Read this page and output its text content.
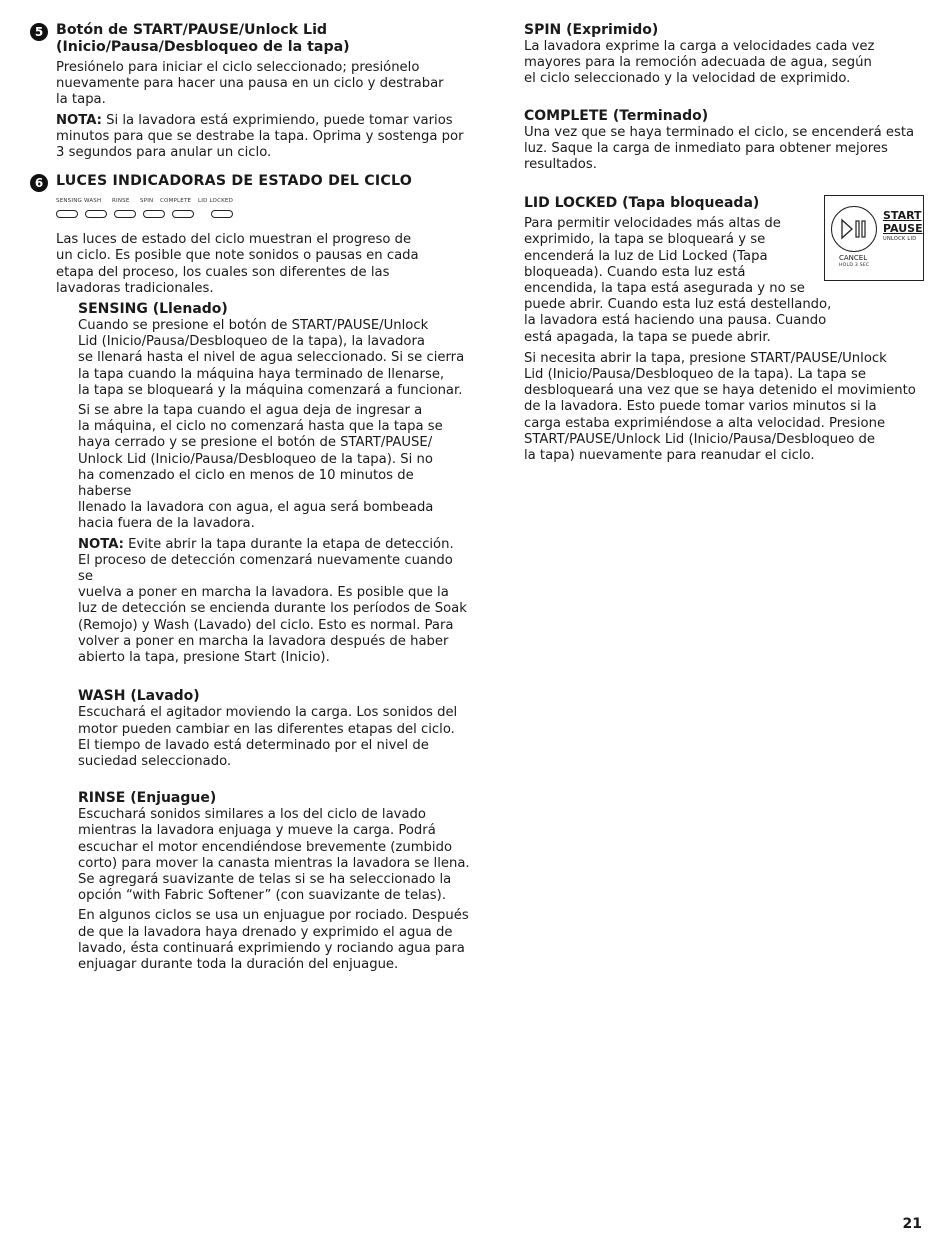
5 Botón de START/PAUSE/Unlock Lid
(Inicio/Pausa/Desbloqueo de la tapa)

Presiónelo para iniciar el ciclo seleccionado; presiónelo
nuevamente para hacer una pausa en un ciclo y destrabar
la tapa.

NOTA: Si la lavadora está exprimiendo, puede tomar varios
minutos para que se destrabe la tapa. Oprima y sostenga por
3 segundos para anular un ciclo.

6 LUCES INDICADORAS DE ESTADO DEL CICLO
SENSING WASH	RINSE	SPIN COMPLETE LID LOCKED

Las luces de estado del ciclo muestran el progreso de
un ciclo. Es posible que note sonidos o pausas en cada
etapa del proceso, los cuales son diferentes de las
lavadoras tradicionales.

SENSING (Llenado)

Cuando se presione el botón de START/PAUSE/Unlock
Lid (Inicio/Pausa/Desbloqueo de la tapa), la lavadora
se llenará hasta el nivel de agua seleccionado. Si se cierra
la tapa cuando la máquina haya terminado de llenarse,
la tapa se bloqueará y la máquina comenzará a funcionar.

Si se abre la tapa cuando el agua deja de ingresar a
la máquina, el ciclo no comenzará hasta que la tapa se
haya cerrado y se presione el botón de START/PAUSE/
Unlock Lid (Inicio/Pausa/Desbloqueo de la tapa). Si no
ha comenzado el ciclo en menos de 10 minutos de haberse
llenado la lavadora con agua, el agua será bombeada
hacia fuera de la lavadora.

NOTA: Evite abrir la tapa durante la etapa de detección.
El proceso de detección comenzará nuevamente cuando se
vuelva a poner en marcha la lavadora. Es posible que la
luz de detección se encienda durante los períodos de Soak
(Remojo) y Wash (Lavado) del ciclo. Esto es normal. Para
volver a poner en marcha la lavadora después de haber
abierto la tapa, presione Start (Inicio).

WASH (Lavado)

Escuchará el agitador moviendo la carga. Los sonidos del
motor pueden cambiar en las diferentes etapas del ciclo.
El tiempo de lavado está determinado por el nivel de
suciedad seleccionado.

RINSE (Enjuague)

Escuchará sonidos similares a los del ciclo de lavado
mientras la lavadora enjuaga y mueve la carga. Podrá
escuchar el motor encendiéndose brevemente (zumbido
corto) para mover la canasta mientras la lavadora se llena.
Se agregará suavizante de telas si se ha seleccionado la
opción “with Fabric Softener” (con suavizante de telas).

En algunos ciclos se usa un enjuague por rociado. Después
de que la lavadora haya drenado y exprimido el agua de
lavado, ésta continuará exprimiendo y rociando agua para
enjuagar durante toda la duración del enjuague.

SPIN (Exprimido)

La lavadora exprime la carga a velocidades cada vez
mayores para la remoción adecuada de agua, según
el ciclo seleccionado y la velocidad de exprimido.

COMPLETE (Terminado)

Una vez que se haya terminado el ciclo, se encenderá esta
luz. Saque la carga de inmediato para obtener mejores
resultados.

START
PAUSE
UNLOCK LID
CANCEL
HOLD 3 SEC
LID LOCKED (Tapa bloqueada)

Para permitir velocidades más altas de
exprimido, la tapa se bloqueará y se
encenderá la luz de Lid Locked (Tapa
bloqueada). Cuando esta luz está
encendida, la tapa está asegurada y no se
puede abrir. Cuando esta luz está destellando,
la lavadora está haciendo una pausa. Cuando
está apagada, la tapa se puede abrir.

Si necesita abrir la tapa, presione START/PAUSE/Unlock
Lid (Inicio/Pausa/Desbloqueo de la tapa). La tapa se
desbloqueará una vez que se haya detenido el movimiento
de la lavadora. Esto puede tomar varios minutos si la
carga estaba exprimiéndose a alta velocidad. Presione
START/PAUSE/Unlock Lid (Inicio/Pausa/Desbloqueo de
la tapa) nuevamente para reanudar el ciclo.

21
